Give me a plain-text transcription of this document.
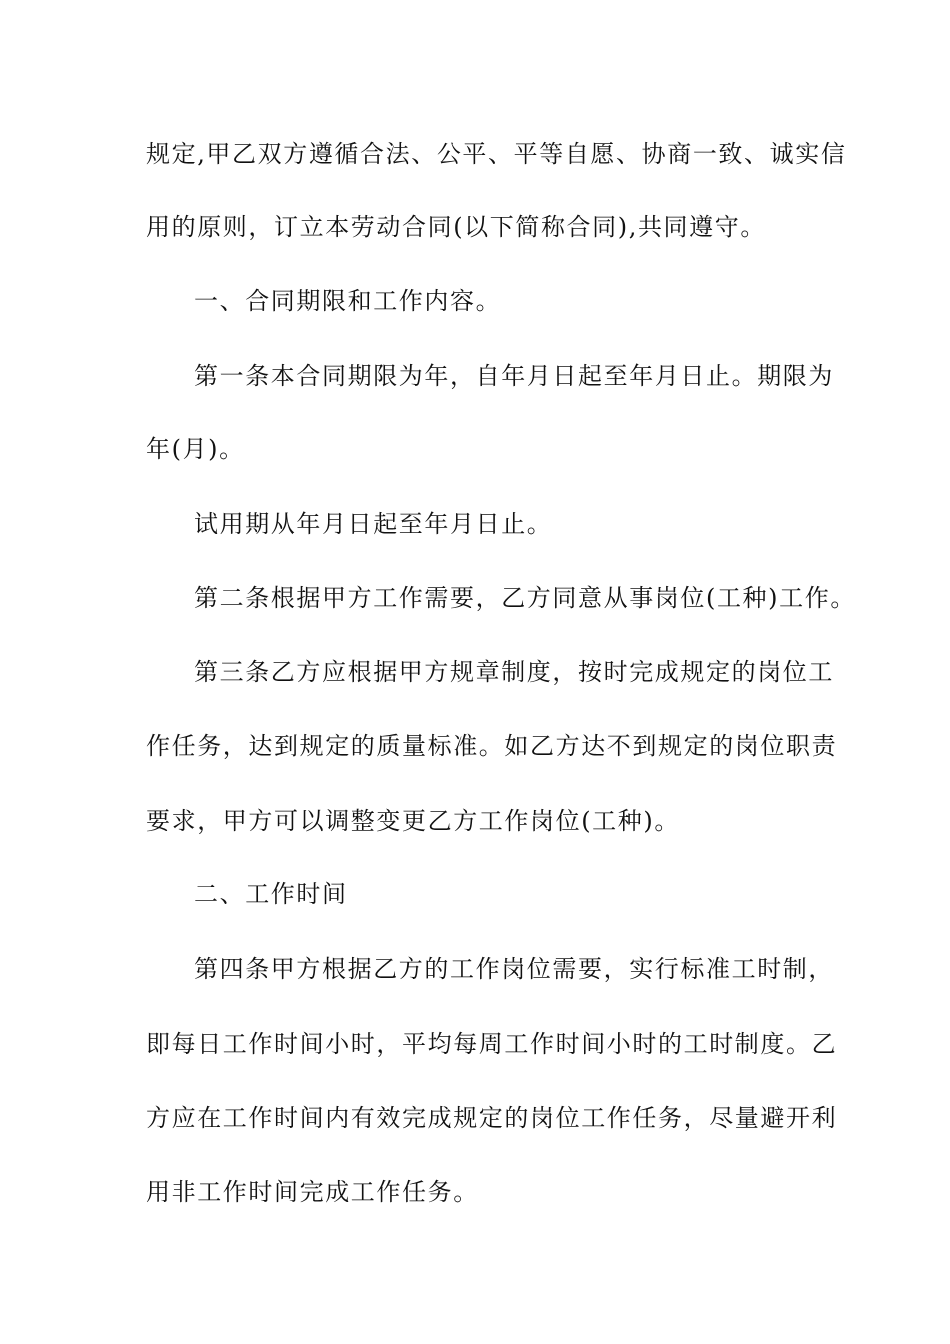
规定,甲乙双方遵循合法、公平、平等自愿、协商一致、诚实信
用的原则，订立本劳动合同(以下简称合同),共同遵守。
一、合同期限和工作内容。
第一条本合同期限为年，自年月日起至年月日止。期限为
年(月)。
试用期从年月日起至年月日止。
第二条根据甲方工作需要，乙方同意从事岗位(工种)工作。
第三条乙方应根据甲方规章制度，按时完成规定的岗位工
作任务，达到规定的质量标准。如乙方达不到规定的岗位职责
要求，甲方可以调整变更乙方工作岗位(工种)。
二、工作时间
第四条甲方根据乙方的工作岗位需要，实行标准工时制，
即每日工作时间小时，平均每周工作时间小时的工时制度。乙
方应在工作时间内有效完成规定的岗位工作任务，尽量避开利
用非工作时间完成工作任务。
